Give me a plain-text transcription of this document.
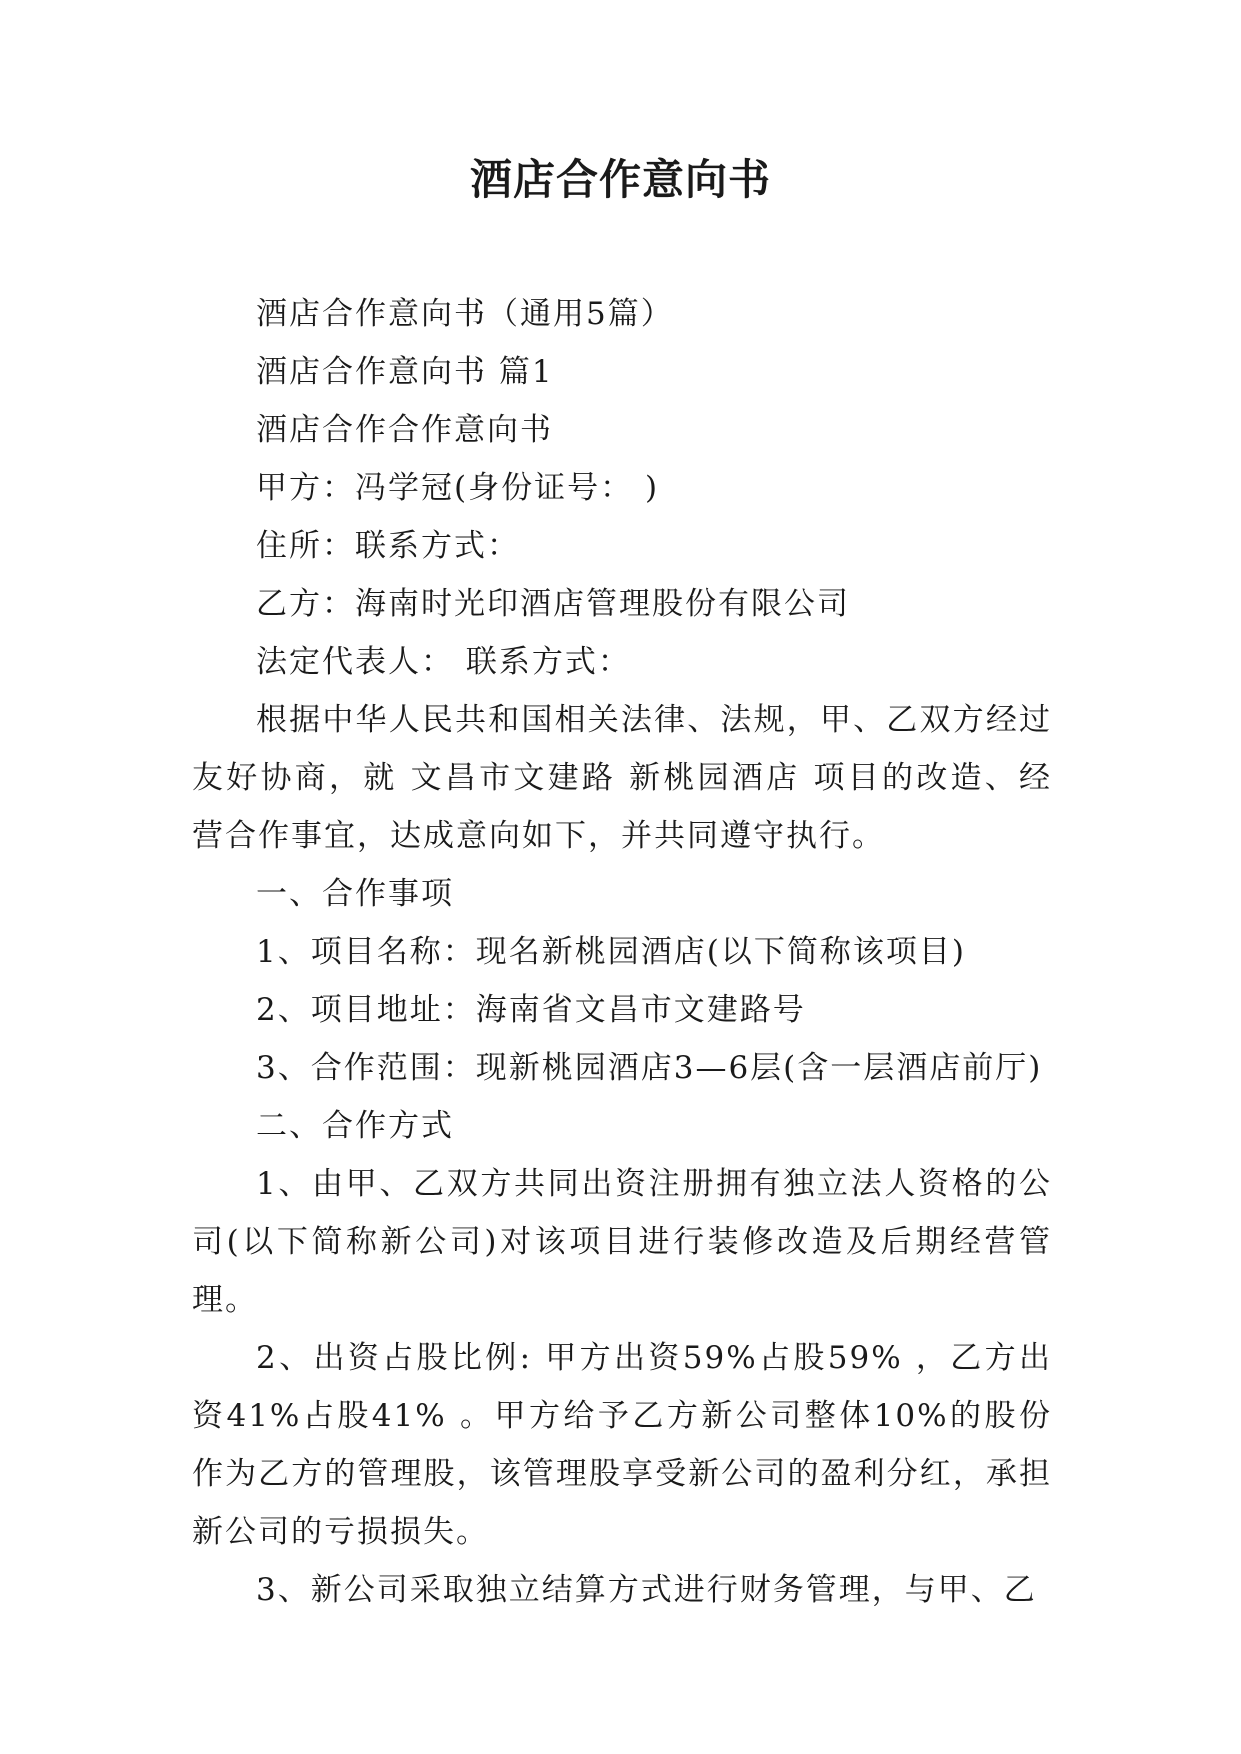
酒店合作意向书

酒店合作意向书（通用5篇）

酒店合作意向书 篇1

酒店合作合作意向书

甲方：冯学冠(身份证号： )

住所：联系方式：

乙方：海南时光印酒店管理股份有限公司

法定代表人： 联系方式：

根据中华人民共和国相关法律、法规，甲、乙双方经过友好协商，就 文昌市文建路 新桃园酒店 项目的改造、经营合作事宜，达成意向如下，并共同遵守执行。

一、合作事项

1、项目名称：现名新桃园酒店(以下简称该项目)

2、项目地址：海南省文昌市文建路号

3、合作范围：现新桃园酒店3—6层(含一层酒店前厅)

二、合作方式

1、由甲、乙双方共同出资注册拥有独立法人资格的公司(以下简称新公司)对该项目进行装修改造及后期经营管理。

2、出资占股比例: 甲方出资59%占股59% ，乙方出资41%占股41% 。甲方给予乙方新公司整体10%的股份作为乙方的管理股，该管理股享受新公司的盈利分红，承担新公司的亏损损失。

3、新公司采取独立结算方式进行财务管理，与甲、乙
